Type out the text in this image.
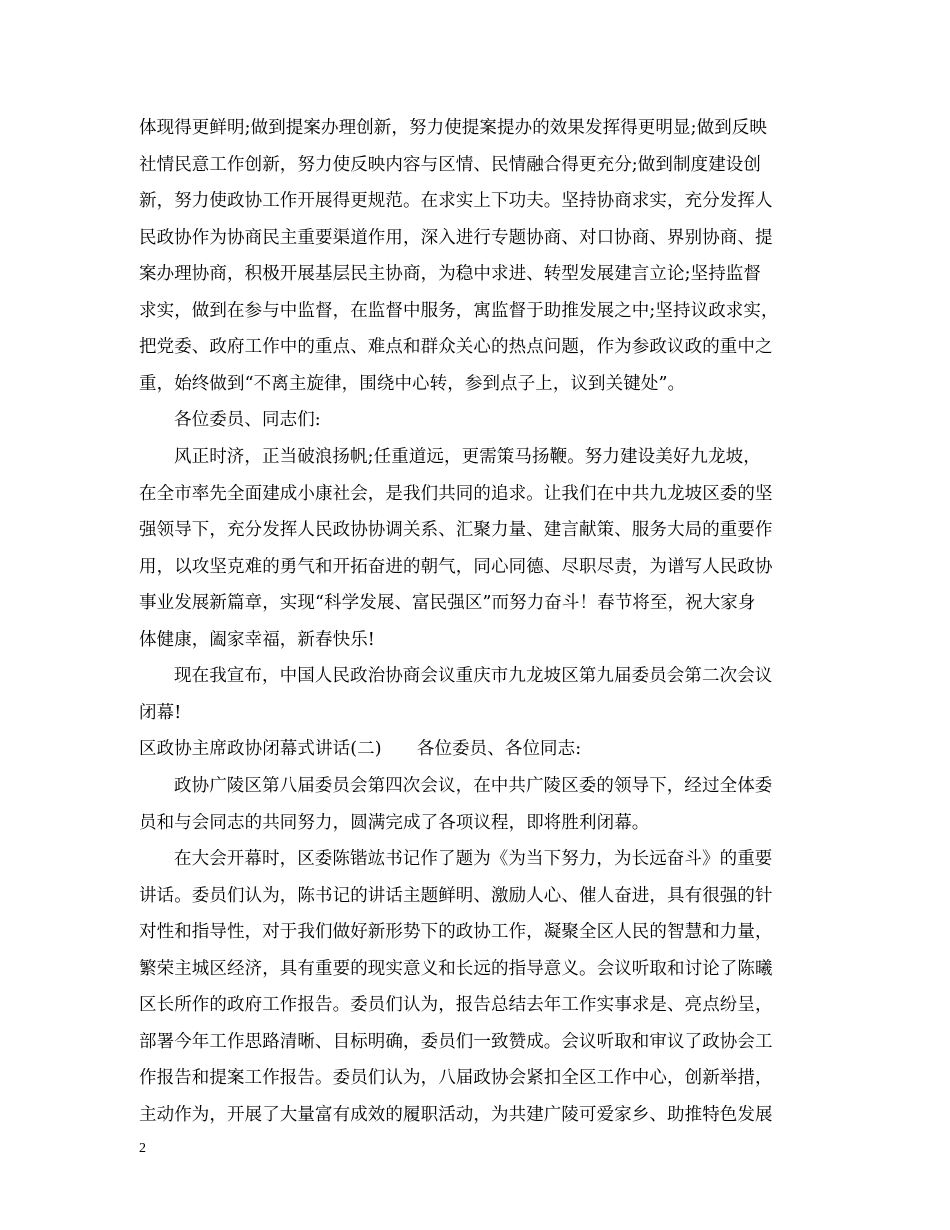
体现得更鲜明;做到提案办理创新，努力使提案提办的效果发挥得更明显;做到反映
社情民意工作创新，努力使反映内容与区情、民情融合得更充分;做到制度建设创
新，努力使政协工作开展得更规范。在求实上下功夫。坚持协商求实，充分发挥人
民政协作为协商民主重要渠道作用，深入进行专题协商、对口协商、界别协商、提
案办理协商，积极开展基层民主协商，为稳中求进、转型发展建言立论;坚持监督
求实，做到在参与中监督，在监督中服务，寓监督于助推发展之中;坚持议政求实，
把党委、政府工作中的重点、难点和群众关心的热点问题，作为参政议政的重中之
重，始终做到“不离主旋律，围绕中心转，参到点子上，议到关键处”。
各位委员、同志们:
风正时济，正当破浪扬帆;任重道远，更需策马扬鞭。努力建设美好九龙坡，
在全市率先全面建成小康社会，是我们共同的追求。让我们在中共九龙坡区委的坚
强领导下，充分发挥人民政协协调关系、汇聚力量、建言献策、服务大局的重要作
用，以攻坚克难的勇气和开拓奋进的朝气，同心同德、尽职尽责，为谱写人民政协
事业发展新篇章，实现“科学发展、富民强区”而努力奋斗！春节将至，祝大家身
体健康，阖家幸福，新春快乐!
现在我宣布，中国人民政治协商会议重庆市九龙坡区第九届委员会第二次会议
闭幕!
区政协主席政协闭幕式讲话(二)　　各位委员、各位同志:
政协广陵区第八届委员会第四次会议，在中共广陵区委的领导下，经过全体委
员和与会同志的共同努力，圆满完成了各项议程，即将胜利闭幕。
在大会开幕时，区委陈锴竑书记作了题为《为当下努力，为长远奋斗》的重要
讲话。委员们认为，陈书记的讲话主题鲜明、激励人心、催人奋进，具有很强的针
对性和指导性，对于我们做好新形势下的政协工作，凝聚全区人民的智慧和力量，
繁荣主城区经济，具有重要的现实意义和长远的指导意义。会议听取和讨论了陈曦
区长所作的政府工作报告。委员们认为，报告总结去年工作实事求是、亮点纷呈，
部署今年工作思路清晰、目标明确，委员们一致赞成。会议听取和审议了政协会工
作报告和提案工作报告。委员们认为，八届政协会紧扣全区工作中心，创新举措，
2
主动作为，开展了大量富有成效的履职活动，为共建广陵可爱家乡、助推特色发展
